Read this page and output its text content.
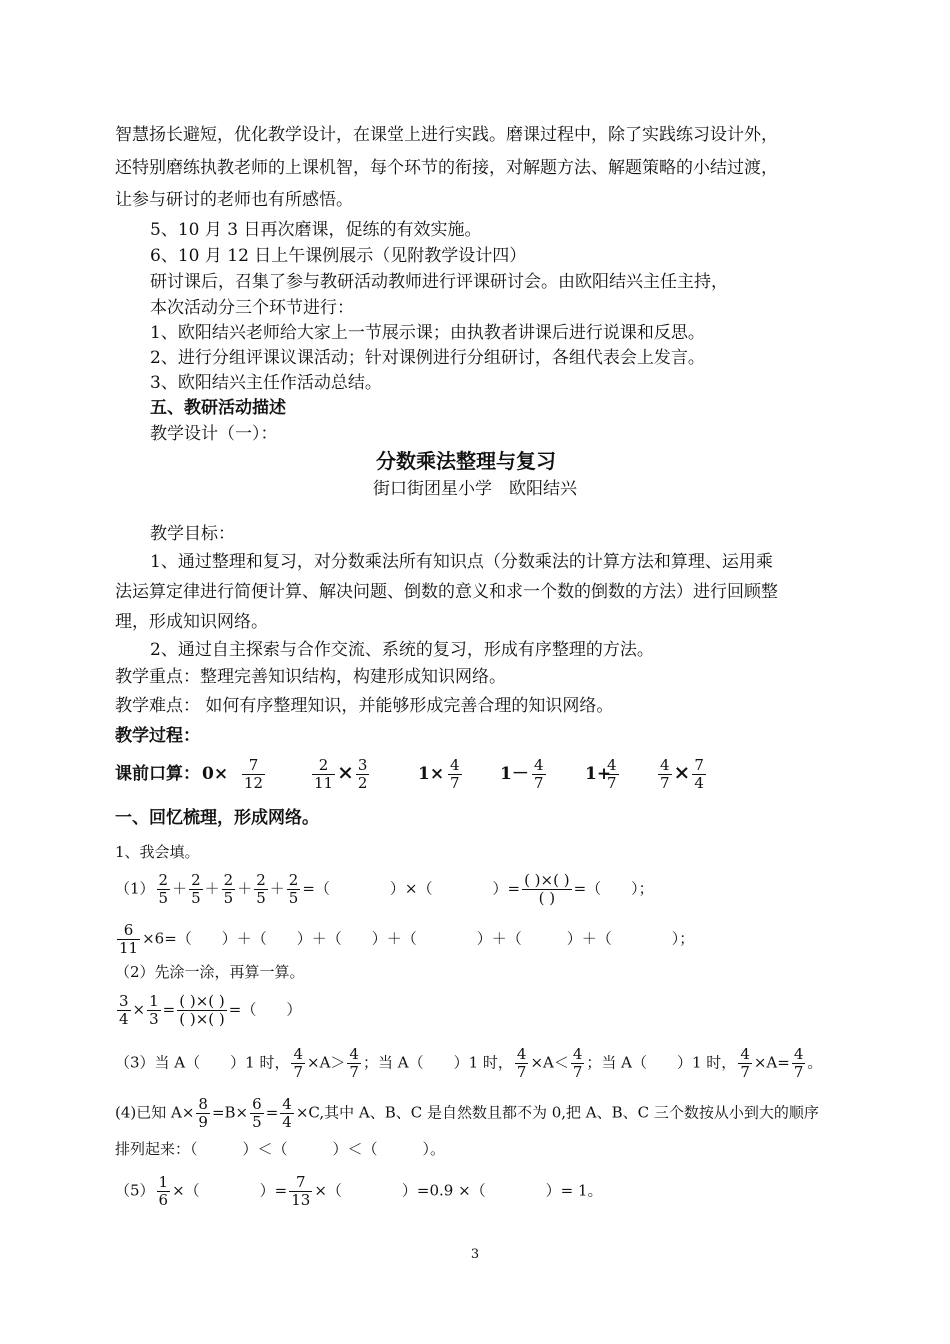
智慧扬长避短，优化教学设计，在课堂上进行实践。磨课过程中，除了实践练习设计外，
还特别磨练执教老师的上课机智，每个环节的衔接，对解题方法、解题策略的小结过渡，
让参与研讨的老师也有所感悟。
5、10 月 3 日再次磨课，促练的有效实施。
6、10 月 12 日上午课例展示（见附教学设计四）
研讨课后，召集了参与教研活动教师进行评课研讨会。由欧阳结兴主任主持，
本次活动分三个环节进行：
1、欧阳结兴老师给大家上一节展示课；由执教者讲课后进行说课和反思。
2、进行分组评课议课活动；针对课例进行分组研讨，各组代表会上发言。
3、欧阳结兴主任作活动总结。
五、教研活动描述
教学设计（一）：
分数乘法整理与复习
街口街团星小学　欧阳结兴
教学目标：
1、通过整理和复习，对分数乘法所有知识点（分数乘法的计算方法和算理、运用乘
法运算定律进行简便计算、解决问题、倒数的意义和求一个数的倒数的方法）进行回顾整
理，形成知识网络。
2、通过自主探索与合作交流、系统的复习，形成有序整理的方法。
教学重点：整理完善知识结构，构建形成知识网络。
教学难点： 如何有序整理知识，并能够形成完善合理的知识网络。
教学过程：
课前口算： $0\times \frac{7}{12}$	$\frac{2}{11} \times \frac{3}{2}$	$1\times \frac{4}{7} 1- \frac{4}{7} 1+$
$\frac{4}{7}$	$\frac{4}{7} \times \frac{7}{4}$
一、回忆梳理，形成网络。
1、我会填。
$(1) \frac{2}{5} + \frac{2}{5} + \frac{2}{5} + \frac{2}{5} + \frac{2}{5}$ =（　　　　）×（　　　　）= $\frac{( )\times( )}{( )}$ =（　　）；
$\frac{6}{11} \times 6=$（　　）＋（　　）＋（　　）＋（　　　　）＋（　　　）＋（　　　　）；
（2）先涂一涂，再算一算。
$\frac{3}{4} \times \frac{1}{3} = \frac{( )\times( )}{( )\times( )}$ =（　　）
（3）当 A（　　）1 时， $\frac{4}{7} \times A> \frac{4}{7}$ ；当 A（　　）1 时， $\frac{4}{7} \times A< \frac{4}{7}$ ；当 A（　　）1 时， $\frac{4}{7} \times A= \frac{4}{7}$ 。
(4)已知 $A\times \frac{8}{9} =B\times \frac{6}{5} = \frac{4}{4} \times C$,其中 A、B、C 是自然数且都不为 0,把 A、B、C 三个数按从小到大的顺序
排列起来：（　　　）＜（　　　）＜（　　　）。
$(5) \frac{1}{6}$ ×（　　　　）= $\frac{7}{13}$ ×（　　　　）=0.9 ×（　　　　）= 1。
3
